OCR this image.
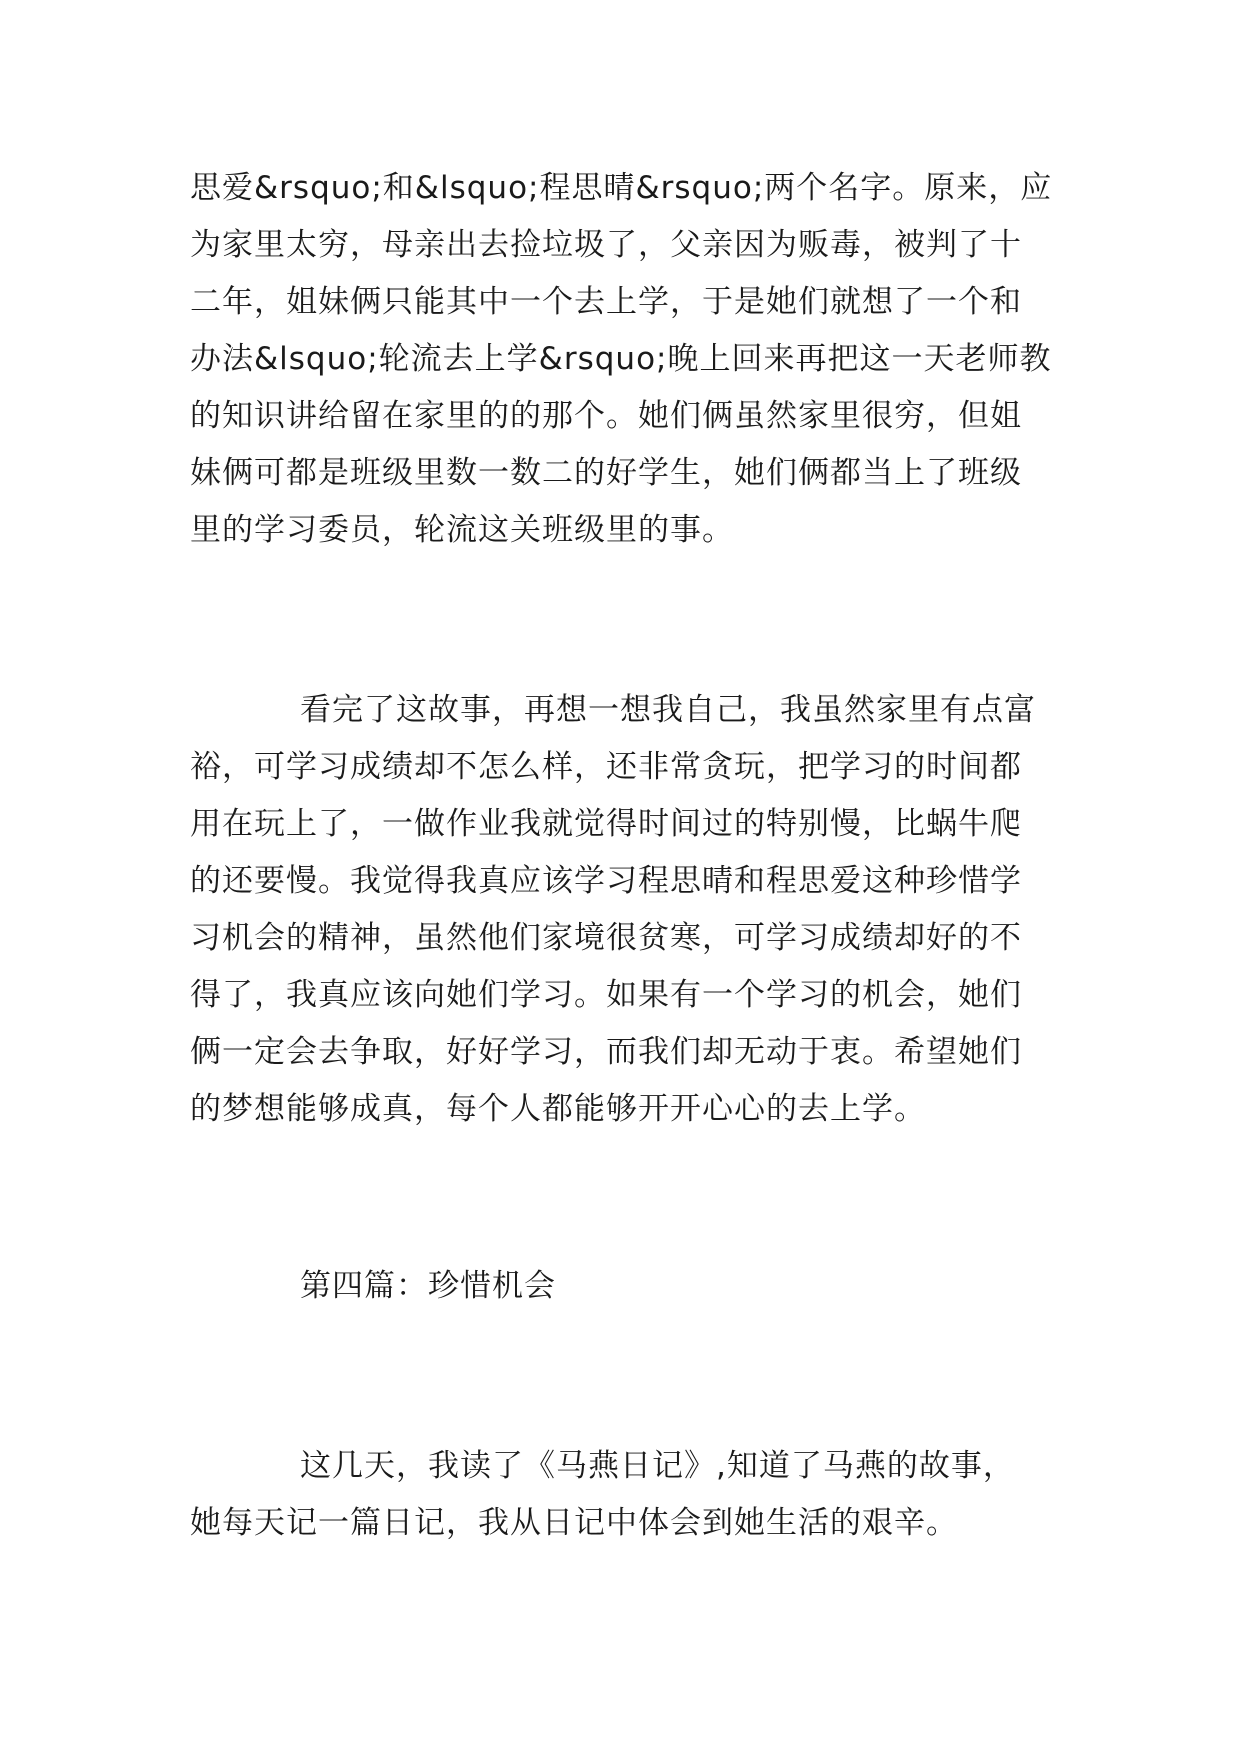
思爱&rsquo;和&lsquo;程思晴&rsquo;两个名字。原来，应
为家里太穷，母亲出去捡垃圾了，父亲因为贩毒，被判了十
二年，姐妹俩只能其中一个去上学，于是她们就想了一个和
办法&lsquo;轮流去上学&rsquo;晚上回来再把这一天老师教
的知识讲给留在家里的的那个。她们俩虽然家里很穷，但姐
妹俩可都是班级里数一数二的好学生，她们俩都当上了班级
里的学习委员，轮流这关班级里的事。
看完了这故事，再想一想我自己，我虽然家里有点富
裕，可学习成绩却不怎么样，还非常贪玩，把学习的时间都
用在玩上了，一做作业我就觉得时间过的特别慢，比蜗牛爬
的还要慢。我觉得我真应该学习程思晴和程思爱这种珍惜学
习机会的精神，虽然他们家境很贫寒，可学习成绩却好的不
得了，我真应该向她们学习。如果有一个学习的机会，她们
俩一定会去争取，好好学习，而我们却无动于衷。希望她们
的梦想能够成真，每个人都能够开开心心的去上学。
第四篇：珍惜机会
这几天，我读了《马燕日记》,知道了马燕的故事，
她每天记一篇日记，我从日记中体会到她生活的艰辛。
